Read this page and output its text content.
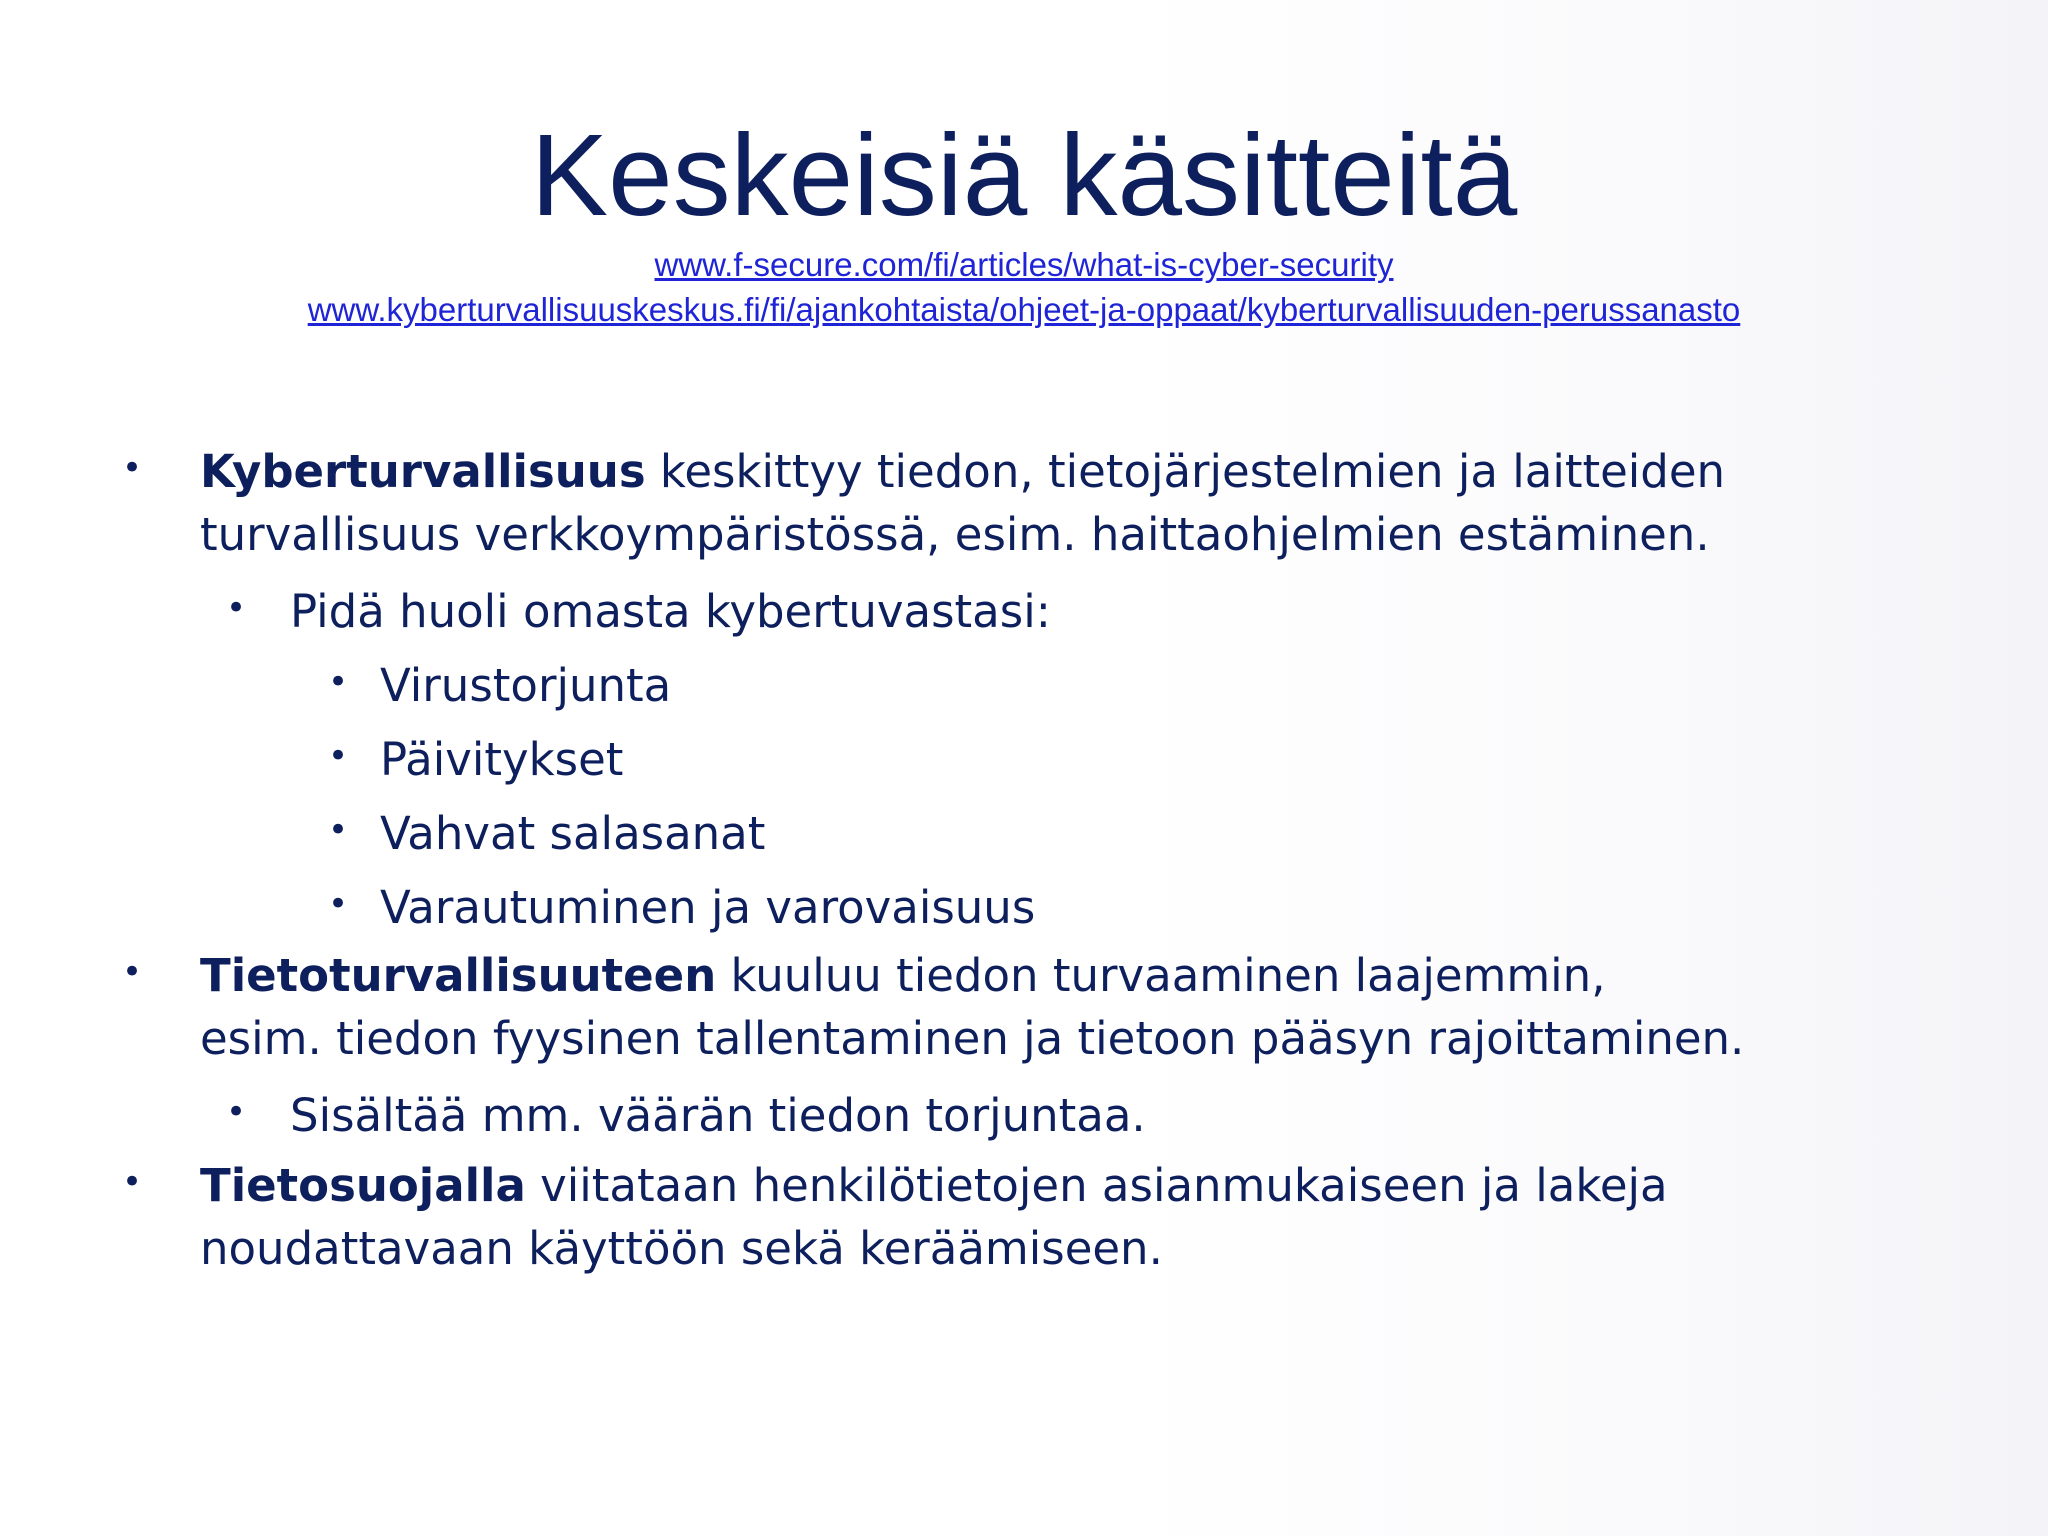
Keskeisiä käsitteitä
www.f-secure.com/fi/articles/what-is-cyber-security
www.kyberturvallisuuskeskus.fi/fi/ajankohtaista/ohjeet-ja-oppaat/kyberturvallisuuden-perussanasto
• Kyberturvallisuus keskittyy tiedon, tietojärjestelmien ja laitteiden
turvallisuus verkkoympäristössä, esim. haittaohjelmien estäminen.
• Pidä huoli omasta kybertuvastasi:
• Virustorjunta
• Päivitykset
• Vahvat salasanat
• Varautuminen ja varovaisuus
• Tietoturvallisuuteen kuuluu tiedon turvaaminen laajemmin,
esim. tiedon fyysinen tallentaminen ja tietoon pääsyn rajoittaminen.
• Sisältää mm. väärän tiedon torjuntaa.
• Tietosuojalla viitataan henkilötietojen asianmukaiseen ja lakeja
noudattavaan käyttöön sekä keräämiseen.
